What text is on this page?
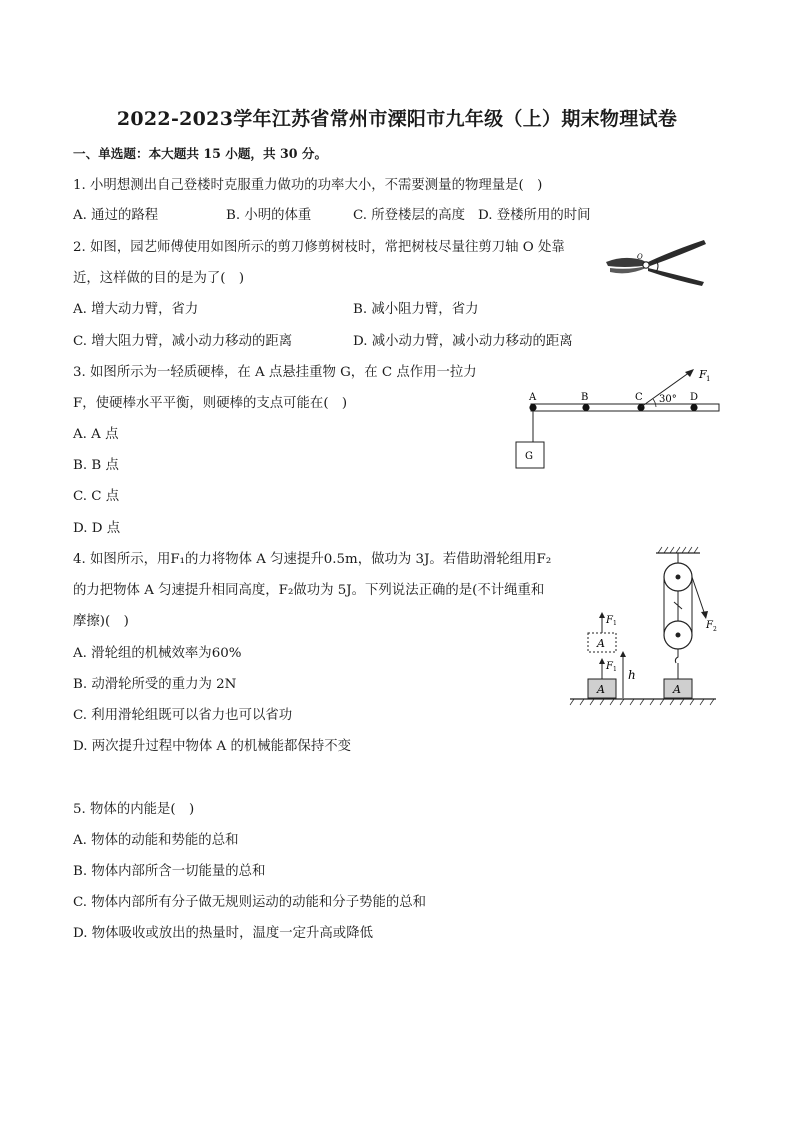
2022-2023学年江苏省常州市溧阳市九年级（上）期末物理试卷
一、单选题：本大题共 15 小题，共 30 分。
1. 小明想测出自己登楼时克服重力做功的功率大小，不需要测量的物理量是(　)
A. 通过的路程	B. 小明的体重	C. 所登楼层的高度 D. 登楼所用的时间
2. 如图，园艺师傅使用如图所示的剪刀修剪树枝时，常把树枝尽量往剪刀轴 O 处靠
近，这样做的目的是为了(　)
A. 增大动力臂，省力	B. 减小阻力臂，省力
C. 增大阻力臂，减小动力移动的距离	D. 减小动力臂，减小动力移动的距离
O
3. 如图所示为一轻质硬棒，在 A 点悬挂重物 G，在 C 点作用一拉力
F，使硬棒水平平衡，则硬棒的支点可能在(　)
A. A 点
B. B 点
C. C 点
D. D 点
A	B	C	D
G
F 1
30°
4. 如图所示，用F₁的力将物体 A 匀速提升0.5m，做功为 3J。若借助滑轮组用F₂
的力把物体 A 匀速提升相同高度，F₂做功为 5J。下列说法正确的是(不计绳重和
摩擦)(　)
A. 滑轮组的机械效率为60%
B. 动滑轮所受的重力为 2N
C. 利用滑轮组既可以省力也可以省功
D. 两次提升过程中物体 A 的机械能都保持不变
A
F 1
A
F 1
h
F 2
A
5. 物体的内能是(　)
A. 物体的动能和势能的总和
B. 物体内部所含一切能量的总和
C. 物体内部所有分子做无规则运动的动能和分子势能的总和
D. 物体吸收或放出的热量时，温度一定升高或降低
